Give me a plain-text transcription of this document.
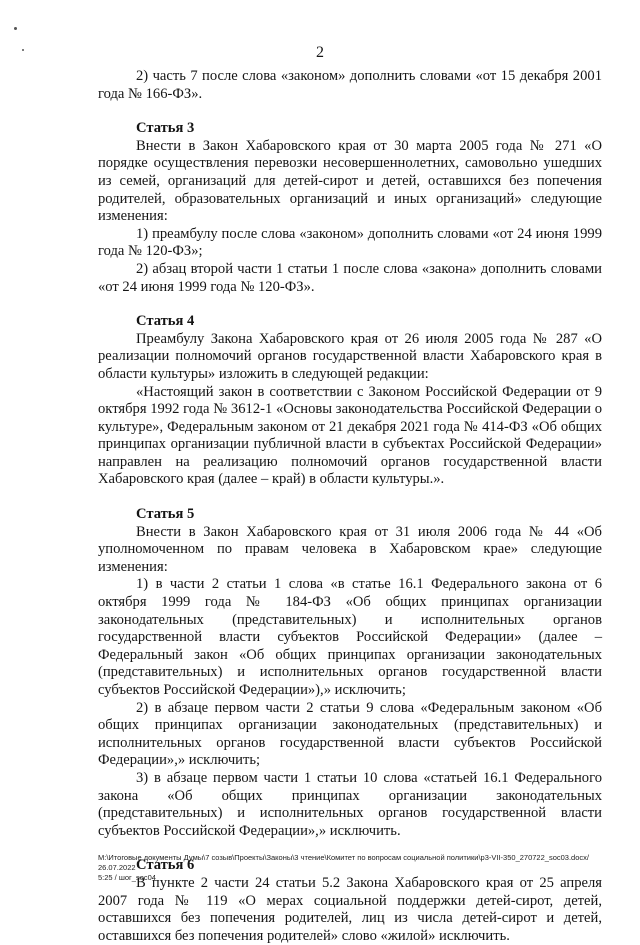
2

2) часть 7 после слова «законом» дополнить словами «от 15 декабря 2001 года № 166-ФЗ».

Статья 3

Внести в Закон Хабаровского края от 30 марта 2005 года № 271 «О порядке осуществления перевозки несовершеннолетних, самовольно ушедших из семей, организаций для детей-сирот и детей, оставшихся без попечения родителей, образовательных организаций и иных организаций» следующие изменения:

1) преамбулу после слова «законом» дополнить словами «от 24 июня 1999 года № 120-ФЗ»;

2) абзац второй части 1 статьи 1 после слова «закона» дополнить словами «от 24 июня 1999 года № 120-ФЗ».

Статья 4

Преамбулу Закона Хабаровского края от 26 июля 2005 года № 287 «О реализации полномочий органов государственной власти Хабаровского края в области культуры» изложить в следующей редакции:

«Настоящий закон в соответствии с Законом Российской Федерации от 9 октября 1992 года № 3612-1 «Основы законодательства Российской Федерации о культуре», Федеральным законом от 21 декабря 2021 года № 414-ФЗ «Об общих принципах организации публичной власти в субъектах Российской Федерации» направлен на реализацию полномочий органов государственной власти Хабаровского края (далее – край) в области культуры.».

Статья 5

Внести в Закон Хабаровского края от 31 июля 2006 года № 44 «Об уполномоченном по правам человека в Хабаровском крае» следующие изменения:

1) в части 2 статьи 1 слова «в статье 16.1 Федерального закона от 6 октября 1999 года № 184-ФЗ «Об общих принципах организации законодательных (представительных) и исполнительных органов государственной власти субъектов Российской Федерации» (далее – Федеральный закон «Об общих принципах организации законодательных (представительных) и исполнительных органов государственной власти субъектов Российской Федерации»),» исключить;

2) в абзаце первом части 2 статьи 9 слова «Федеральным законом «Об общих принципах организации законодательных (представительных) и исполнительных органов государственной власти субъектов Российской Федерации»,» исключить;

3) в абзаце первом части 1 статьи 10 слова «статьей 16.1 Федерального закона «Об общих принципах организации законодательных (представительных) и исполнительных органов государственной власти субъектов Российской Федерации»,» исключить.

Статья 6

В пункте 2 части 24 статьи 5.2 Закона Хабаровского края от 25 апреля 2007 года № 119 «О мерах социальной поддержки детей-сирот, детей, оставшихся без попечения родителей, лиц из числа детей-сирот и детей, оставшихся без попечения родителей» слово «жилой» исключить.

M:\Итоговые документы Думы\7 созыв\Проекты\Законы\3 чтение\Комитет по вопросам социальной политики\р3-VII-350_270722_soc03.docx/ 26.07.2022
5:25 / шог_soc04
